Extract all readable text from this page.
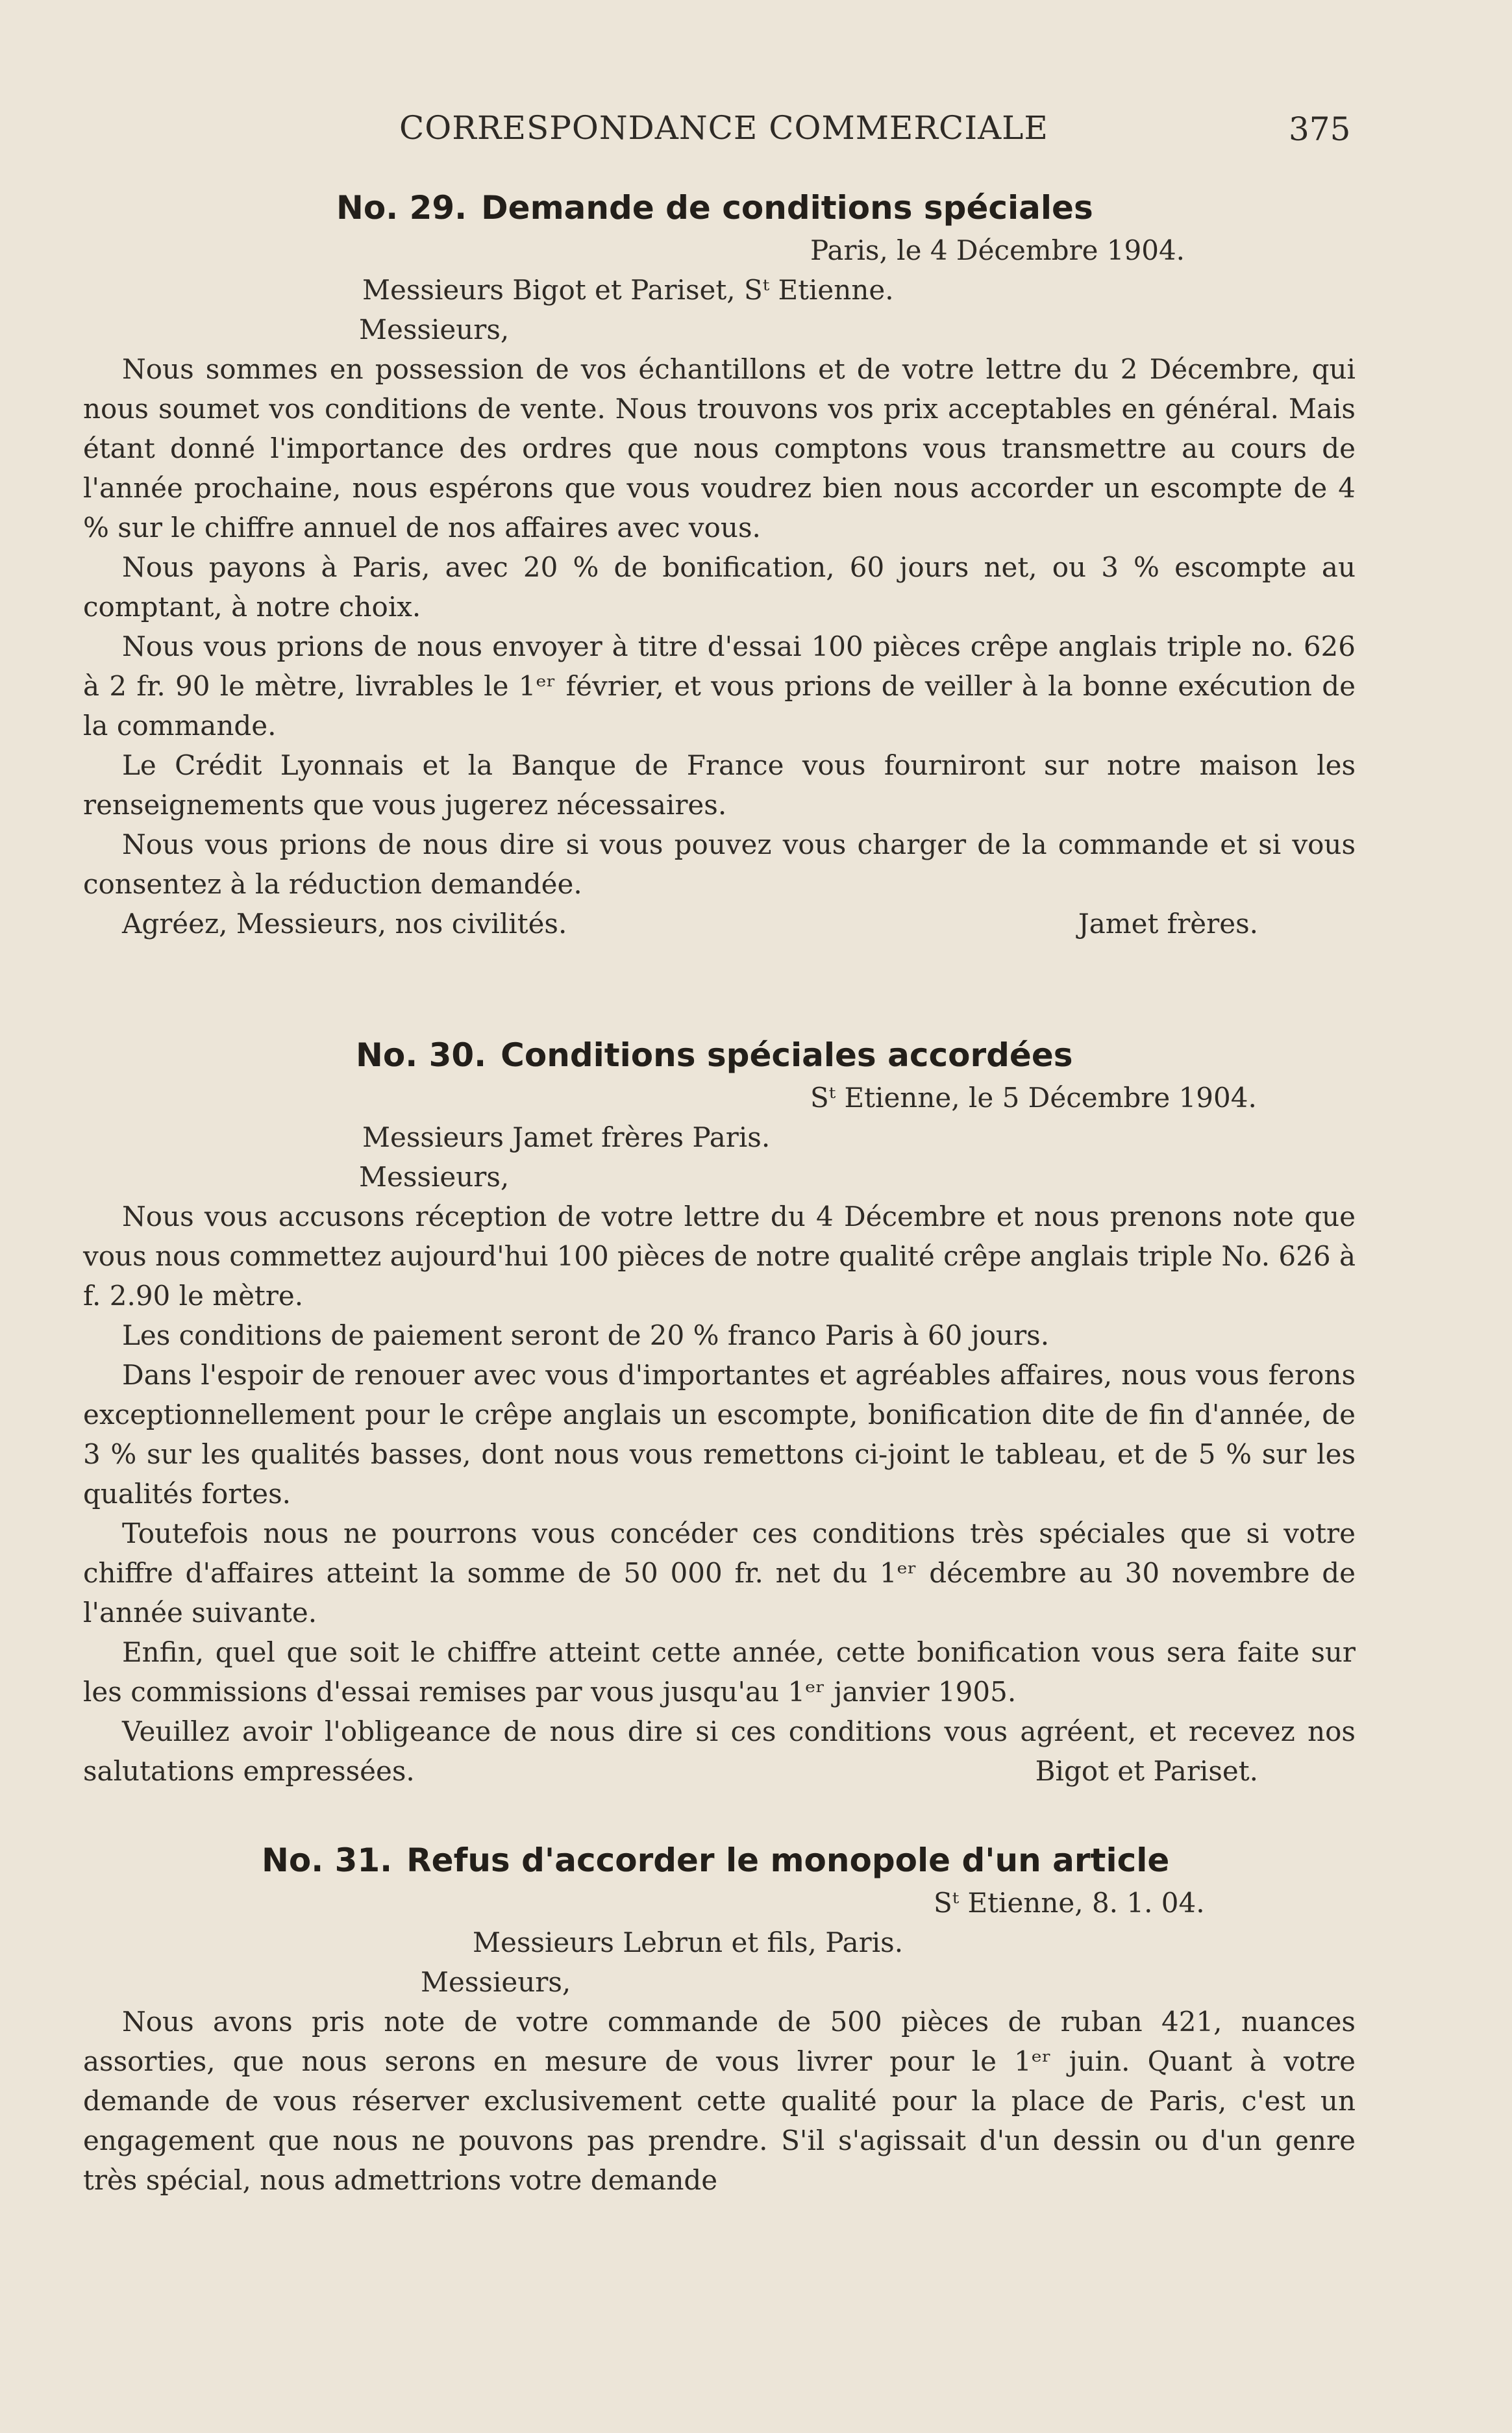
CORRESPONDANCE COMMERCIALE	375
No. 29. Demande de conditions spéciales
Paris, le 4 Décembre 1904.
Messieurs Bigot et Pariset, Sᵗ Etienne.
Messieurs,
Nous sommes en possession de vos échantillons et de votre lettre du 2 Décembre, qui nous soumet vos conditions de vente. Nous trouvons vos prix acceptables en général. Mais étant donné l'importance des ordres que nous comptons vous transmettre au cours de l'année prochaine, nous espérons que vous voudrez bien nous accorder un escompte de 4 % sur le chiffre annuel de nos affaires avec vous.
Nous payons à Paris, avec 20 % de bonification, 60 jours net, ou 3 % escompte au comptant, à notre choix.
Nous vous prions de nous envoyer à titre d'essai 100 pièces crêpe anglais triple no. 626 à 2 fr. 90 le mètre, livrables le 1ᵉʳ février, et vous prions de veiller à la bonne exécution de la commande.
Le Crédit Lyonnais et la Banque de France vous fourniront sur notre maison les renseignements que vous jugerez nécessaires.
Nous vous prions de nous dire si vous pouvez vous charger de la commande et si vous consentez à la réduction demandée.
Agréez, Messieurs, nos civilités.	Jamet frères.
No. 30. Conditions spéciales accordées
Sᵗ Etienne, le 5 Décembre 1904.
Messieurs Jamet frères Paris.
Messieurs,
Nous vous accusons réception de votre lettre du 4 Décembre et nous prenons note que vous nous commettez aujourd'hui 100 pièces de notre qualité crêpe anglais triple No. 626 à f. 2.90 le mètre.
Les conditions de paiement seront de 20 % franco Paris à 60 jours.
Dans l'espoir de renouer avec vous d'importantes et agréables affaires, nous vous ferons exceptionnellement pour le crêpe anglais un escompte, bonification dite de fin d'année, de 3 % sur les qualités basses, dont nous vous remettons ci-joint le tableau, et de 5 % sur les qualités fortes.
Toutefois nous ne pourrons vous concéder ces conditions très spéciales que si votre chiffre d'affaires atteint la somme de 50 000 fr. net du 1ᵉʳ décembre au 30 novembre de l'année suivante.
Enfin, quel que soit le chiffre atteint cette année, cette bonification vous sera faite sur les commissions d'essai remises par vous jusqu'au 1ᵉʳ janvier 1905.
Veuillez avoir l'obligeance de nous dire si ces conditions vous agréent, et recevez nos salutations empressées.	Bigot et Pariset.
No. 31. Refus d'accorder le monopole d'un article
Sᵗ Etienne, 8. 1. 04.
Messieurs Lebrun et fils, Paris.
Messieurs,
Nous avons pris note de votre commande de 500 pièces de ruban 421, nuances assorties, que nous serons en mesure de vous livrer pour le 1ᵉʳ juin. Quant à votre demande de vous réserver exclusivement cette qualité pour la place de Paris, c'est un engagement que nous ne pouvons pas prendre. S'il s'agissait d'un dessin ou d'un genre très spécial, nous admettrions votre demande
